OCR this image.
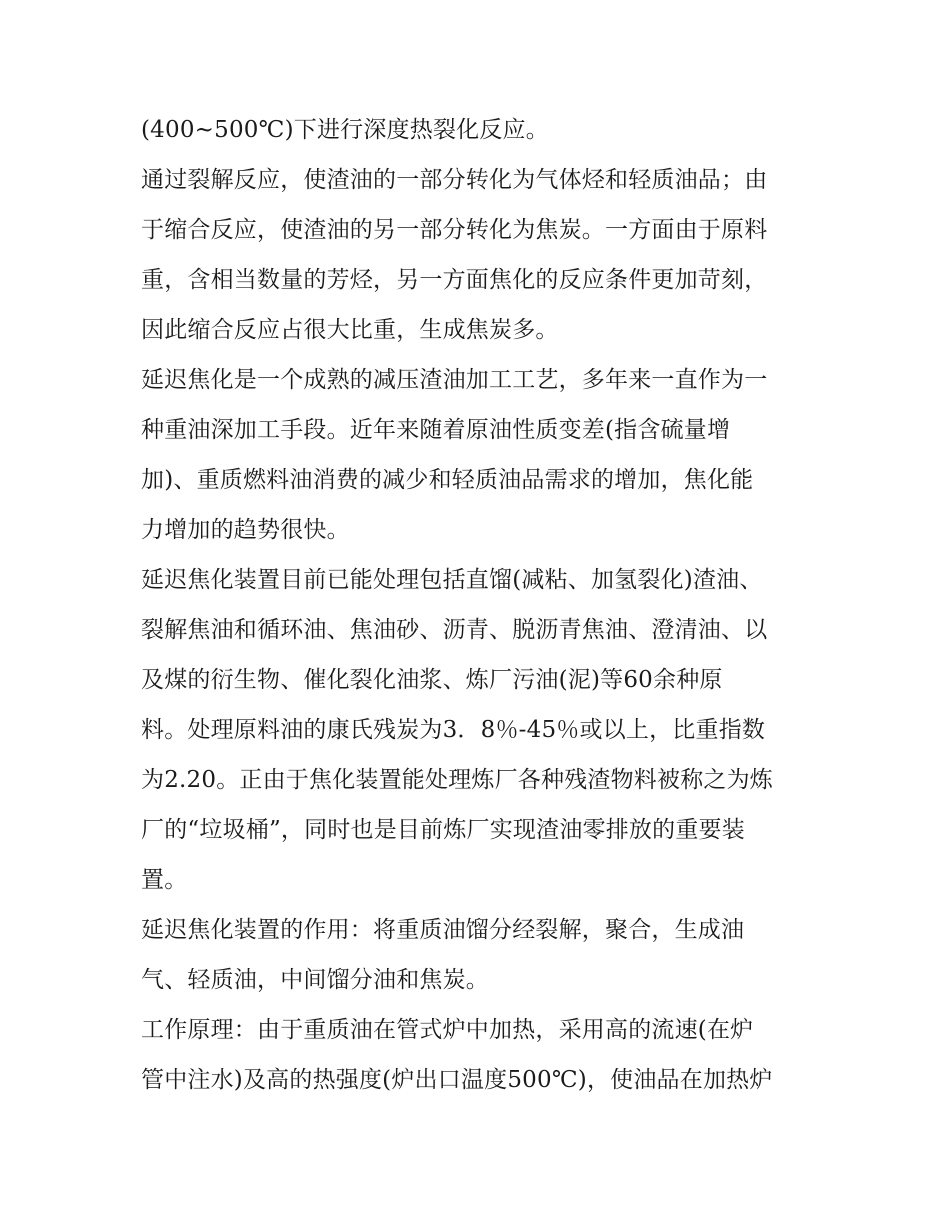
(400~500℃)下进行深度热裂化反应。
通过裂解反应，使渣油的一部分转化为气体烃和轻质油品；由
于缩合反应，使渣油的另一部分转化为焦炭。一方面由于原料
重，含相当数量的芳烃，另一方面焦化的反应条件更加苛刻，
因此缩合反应占很大比重，生成焦炭多。
延迟焦化是一个成熟的减压渣油加工工艺，多年来一直作为一
种重油深加工手段。近年来随着原油性质变差(指含硫量增
加)、重质燃料油消费的减少和轻质油品需求的增加，焦化能
力增加的趋势很快。
延迟焦化装置目前已能处理包括直馏(减粘、加氢裂化)渣油、
裂解焦油和循环油、焦油砂、沥青、脱沥青焦油、澄清油、以
及煤的衍生物、催化裂化油浆、炼厂污油(泥)等60余种原
料。处理原料油的康氏残炭为3．8％-45％或以上，比重指数
为2.20。正由于焦化装置能处理炼厂各种残渣物料被称之为炼
厂的“垃圾桶”，同时也是目前炼厂实现渣油零排放的重要装
置。
延迟焦化装置的作用：将重质油馏分经裂解，聚合，生成油
气、轻质油，中间馏分油和焦炭。
工作原理：由于重质油在管式炉中加热，采用高的流速(在炉
管中注水)及高的热强度(炉出口温度500℃)，使油品在加热炉
